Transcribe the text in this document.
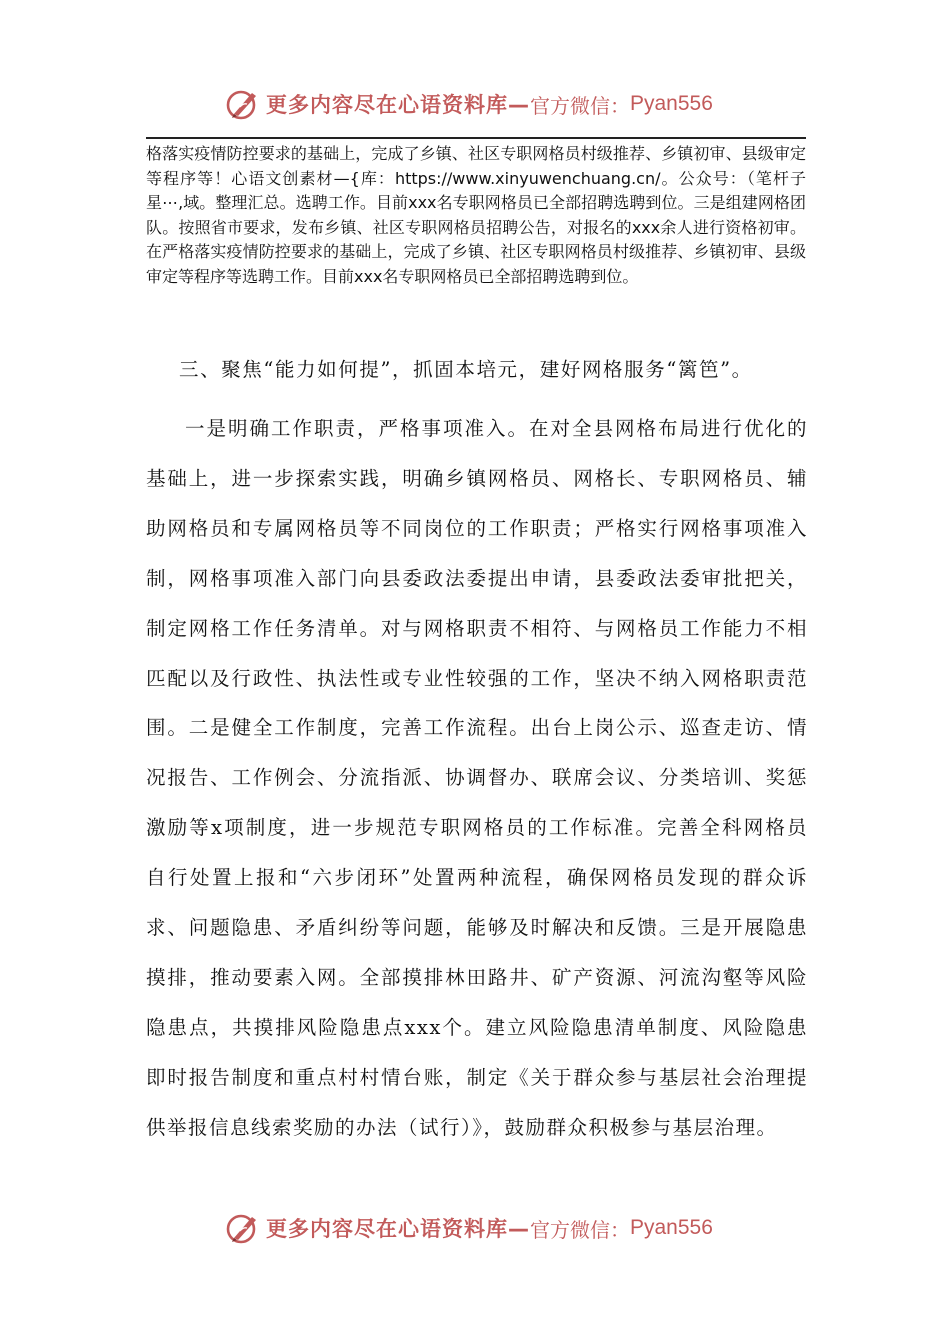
更多内容尽在心语资料库— 官方微信： Pyan556

格落实疫情防控要求的基础上，完成了乡镇、社区专职网格员村级推荐、乡镇初审、县级审定等程序等！心语文创素材—{库：https://www.xinyuwenchuang.cn/。公众号：（笔杆子星⋯,域。整理汇总。选聘工作。目前xxx名专职网格员已全部招聘选聘到位。三是组建网格团队。按照省市要求，发布乡镇、社区专职网格员招聘公告，对报名的xxx余人进行资格初审。在严格落实疫情防控要求的基础上，完成了乡镇、社区专职网格员村级推荐、乡镇初审、县级审定等程序等选聘工作。目前xxx名专职网格员已全部招聘选聘到位。

三、聚焦“能力如何提”，抓固本培元，建好网格服务“篱笆”。

一是明确工作职责，严格事项准入。在对全县网格布局进行优化的基础上，进一步探索实践，明确乡镇网格员、网格长、专职网格员、辅助网格员和专属网格员等不同岗位的工作职责；严格实行网格事项准入制，网格事项准入部门向县委政法委提出申请，县委政法委审批把关，制定网格工作任务清单。对与网格职责不相符、与网格员工作能力不相匹配以及行政性、执法性或专业性较强的工作，坚决不纳入网格职责范围。二是健全工作制度，完善工作流程。出台上岗公示、巡查走访、情况报告、工作例会、分流指派、协调督办、联席会议、分类培训、奖惩激励等x项制度，进一步规范专职网格员的工作标准。完善全科网格员自行处置上报和“六步闭环”处置两种流程，确保网格员发现的群众诉求、问题隐患、矛盾纠纷等问题，能够及时解决和反馈。三是开展隐患摸排，推动要素入网。全部摸排林田路井、矿产资源、河流沟壑等风险隐患点，共摸排风险隐患点xxx个。建立风险隐患清单制度、风险隐患即时报告制度和重点村村情台账，制定《关于群众参与基层社会治理提供举报信息线索奖励的办法（试行）》，鼓励群众积极参与基层治理。

更多内容尽在心语资料库— 官方微信： Pyan556
